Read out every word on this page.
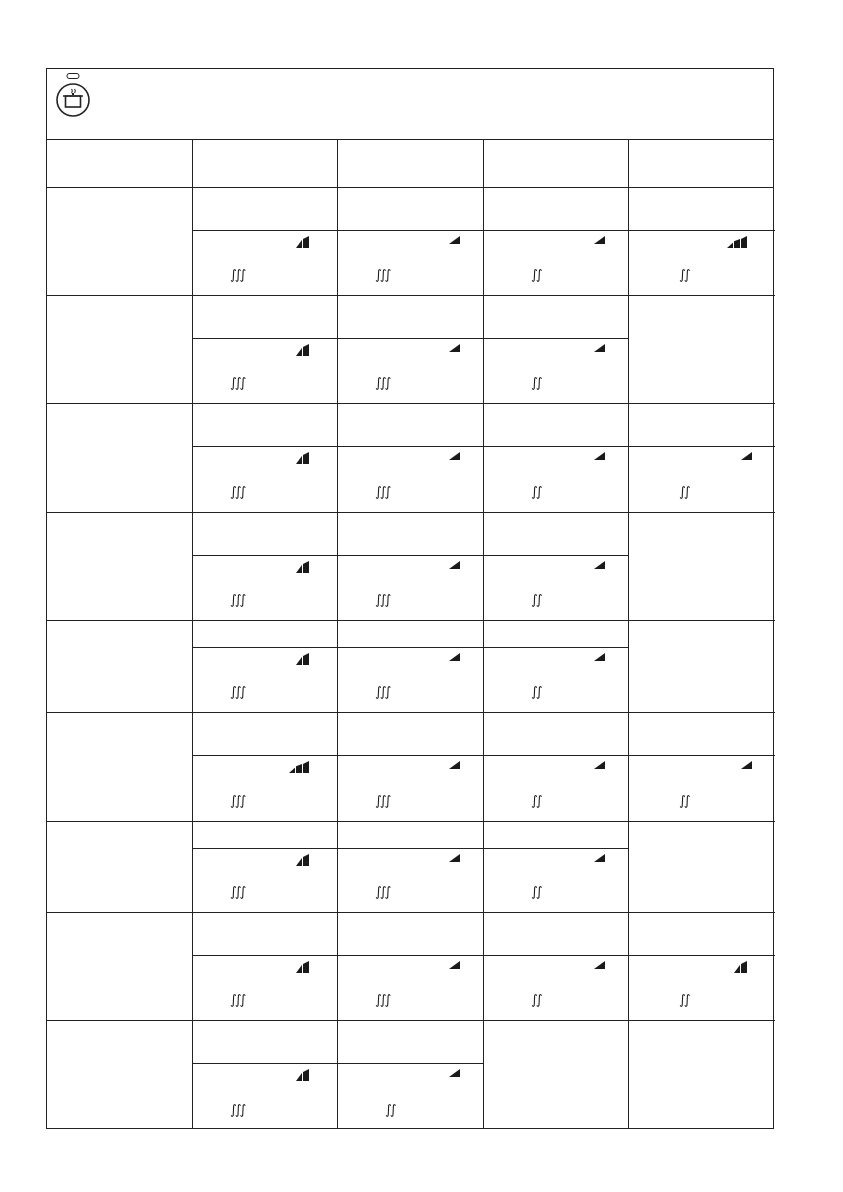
∫∫∫	∫∫∫	∫∫	∫∫
∫∫∫	∫∫∫	∫∫
∫∫∫	∫∫∫	∫∫	∫∫
∫∫∫	∫∫∫	∫∫
∫∫∫	∫∫∫	∫∫
∫∫∫	∫∫∫	∫∫	∫∫
∫∫∫	∫∫∫	∫∫
∫∫∫	∫∫∫	∫∫	∫∫
∫∫∫	∫∫
